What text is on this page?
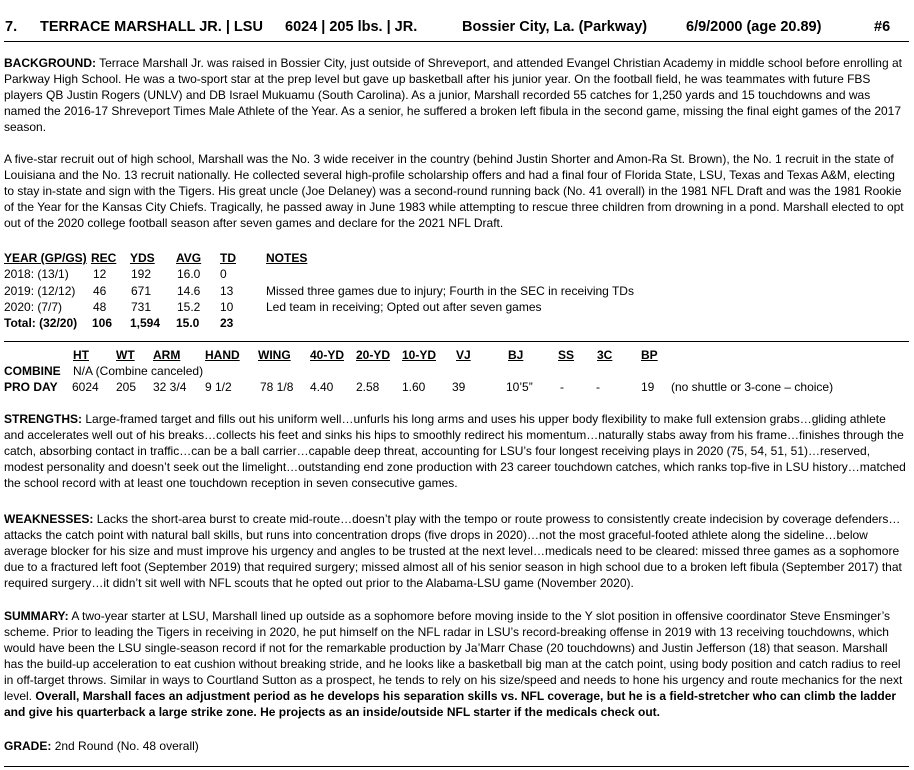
7. TERRACE MARSHALL JR. | LSU 6024 | 205 lbs. | JR.	Bossier City, La. (Parkway)	6/9/2000 (age 20.89)	#6

BACKGROUND: Terrace Marshall Jr. was raised in Bossier City, just outside of Shreveport, and attended Evangel Christian Academy in middle school before enrolling at Parkway High School. He was a two-sport star at the prep level but gave up basketball after his junior year. On the football field, he was teammates with future FBS players QB Justin Rogers (UNLV) and DB Israel Mukuamu (South Carolina). As a junior, Marshall recorded 55 catches for 1,250 yards and 15 touchdowns and was named the 2016-17 Shreveport Times Male Athlete of the Year. As a senior, he suffered a broken left fibula in the second game, missing the final eight games of the 2017 season.

A five-star recruit out of high school, Marshall was the No. 3 wide receiver in the country (behind Justin Shorter and Amon-Ra St. Brown), the No. 1 recruit in the state of Louisiana and the No. 13 recruit nationally. He collected several high-profile scholarship offers and had a final four of Florida State, LSU, Texas and Texas A&M, electing to stay in-state and sign with the Tigers. His great uncle (Joe Delaney) was a second-round running back (No. 41 overall) in the 1981 NFL Draft and was the 1981 Rookie of the Year for the Kansas City Chiefs. Tragically, he passed away in June 1983 while attempting to rescue three children from drowning in a pond. Marshall elected to opt out of the 2020 college football season after seven games and declare for the 2021 NFL Draft.

YEAR (GP/GS) REC YDS AVG TD	NOTES
2018: (13/1) 12 192 16.0 0
2019: (12/12) 46 671 14.6 13	Missed three games due to injury; Fourth in the SEC in receiving TDs
2020: (7/7)	48 731 15.2 10	Led team in receiving; Opted out after seven games
Total: (32/20) 106 1,594 15.0 23
HT WT ARM HAND WING 40-YD 20-YD 10-YD VJ	BJ	SS 3C BP
COMBINE N/A (Combine canceled)
PRO DAY 6024 205 32 3/4 9 1/2 78 1/8 4.40 2.58 1.60 39	10’5” -	-	19 (no shuttle or 3-cone – choice)

STRENGTHS: Large-framed target and fills out his uniform well…unfurls his long arms and uses his upper body flexibility to make full extension grabs…gliding athlete and accelerates well out of his breaks…collects his feet and sinks his hips to smoothly redirect his momentum…naturally stabs away from his frame…finishes through the catch, absorbing contact in traffic…can be a ball carrier…capable deep threat, accounting for LSU’s four longest receiving plays in 2020 (75, 54, 51, 51)…reserved, modest personality and doesn’t seek out the limelight…outstanding end zone production with 23 career touchdown catches, which ranks top-five in LSU history…matched the school record with at least one touchdown reception in seven consecutive games.

WEAKNESSES: Lacks the short-area burst to create mid-route…doesn’t play with the tempo or route prowess to consistently create indecision by coverage defenders…attacks the catch point with natural ball skills, but runs into concentration drops (five drops in 2020)…not the most graceful-footed athlete along the sideline…below average blocker for his size and must improve his urgency and angles to be trusted at the next level…medicals need to be cleared: missed three games as a sophomore due to a fractured left foot (September 2019) that required surgery; missed almost all of his senior season in high school due to a broken left fibula (September 2017) that required surgery…it didn’t sit well with NFL scouts that he opted out prior to the Alabama-LSU game (November 2020).

SUMMARY: A two-year starter at LSU, Marshall lined up outside as a sophomore before moving inside to the Y slot position in offensive coordinator Steve Ensminger’s scheme. Prior to leading the Tigers in receiving in 2020, he put himself on the NFL radar in LSU’s record-breaking offense in 2019 with 13 receiving touchdowns, which would have been the LSU single-season record if not for the remarkable production by Ja’Marr Chase (20 touchdowns) and Justin Jefferson (18) that season. Marshall has the build-up acceleration to eat cushion without breaking stride, and he looks like a basketball big man at the catch point, using body position and catch radius to reel in off-target throws. Similar in ways to Courtland Sutton as a prospect, he tends to rely on his size/speed and needs to hone his urgency and route mechanics for the next level. Overall, Marshall faces an adjustment period as he develops his separation skills vs. NFL coverage, but he is a field-stretcher who can climb the ladder and give his quarterback a large strike zone. He projects as an inside/outside NFL starter if the medicals check out.

GRADE: 2nd Round (No. 48 overall)
